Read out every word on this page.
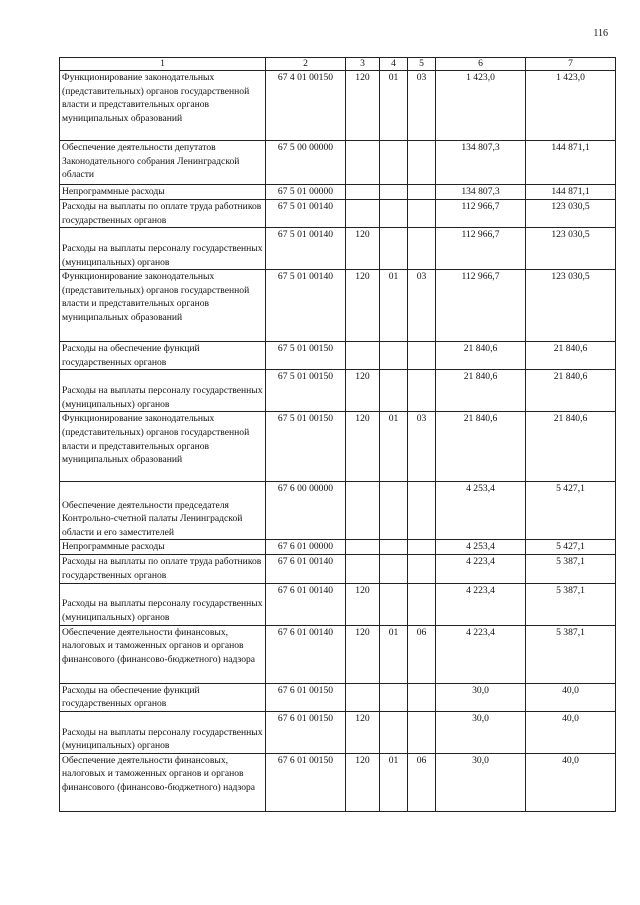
116
1	2	3	4	5	6	7
Функционирование законодательных (представительных) органов государственной власти и представительных органов муниципальных образований	67 4 01 00150	120	01	03	1 423,0	1 423,0
Обеспечение деятельности депутатов Законодательного собрания Ленинградской области	67 5 00 00000				134 807,3	144 871,1
Непрограммные расходы	67 5 01 00000				134 807,3	144 871,1
Расходы на выплаты по оплате труда работников государственных органов	67 5 01 00140				112 966,7	123 030,5
Расходы на выплаты персоналу государственных (муниципальных) органов	67 5 01 00140	120			112 966,7	123 030,5
Функционирование законодательных (представительных) органов государственной власти и представительных органов муниципальных образований	67 5 01 00140	120	01	03	112 966,7	123 030,5
Расходы на обеспечение функций государственных органов	67 5 01 00150				21 840,6	21 840,6
Расходы на выплаты персоналу государственных (муниципальных) органов	67 5 01 00150	120			21 840,6	21 840,6
Функционирование законодательных (представительных) органов государственной власти и представительных органов муниципальных образований	67 5 01 00150	120	01	03	21 840,6	21 840,6
Обеспечение деятельности председателя Контрольно-счетной палаты Ленинградской области и его заместителей	67 6 00 00000				4 253,4	5 427,1
Непрограммные расходы	67 6 01 00000				4 253,4	5 427,1
Расходы на выплаты по оплате труда работников государственных органов	67 6 01 00140				4 223,4	5 387,1
Расходы на выплаты персоналу государственных (муниципальных) органов	67 6 01 00140	120			4 223,4	5 387,1
Обеспечение деятельности финансовых, налоговых и таможенных органов и органов финансового (финансово-бюджетного) надзора	67 6 01 00140	120	01	06	4 223,4	5 387,1
Расходы на обеспечение функций государственных органов	67 6 01 00150				30,0	40,0
Расходы на выплаты персоналу государственных (муниципальных) органов	67 6 01 00150	120			30,0	40,0
Обеспечение деятельности финансовых, налоговых и таможенных органов и органов финансового (финансово-бюджетного) надзора	67 6 01 00150	120	01	06	30,0	40,0
